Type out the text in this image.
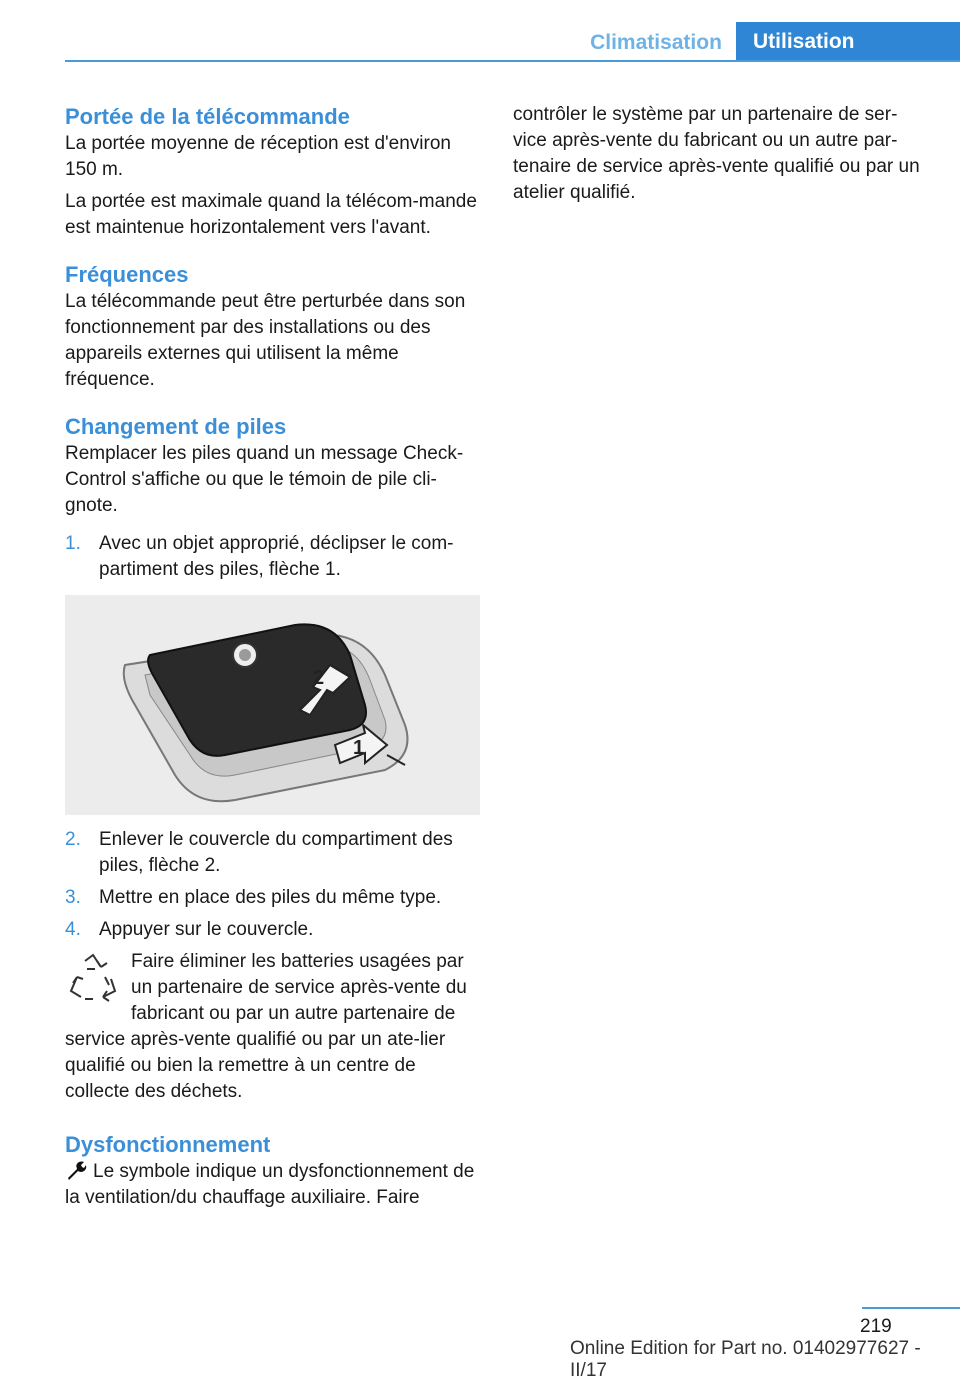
Climatisation	Utilisation
Portée de la télécommande

La portée moyenne de réception est d'environ 150 m.

La portée est maximale quand la télécom‐mande est maintenue horizontalement vers l'avant.

Fréquences

La télécommande peut être perturbée dans son fonctionnement par des installations ou des appareils externes qui utilisent la même fréquence.

Changement de piles

Remplacer les piles quand un message Check-Control s'affiche ou que le témoin de pile cli‐gnote.

1. Avec un objet approprié, déclipser le com‐partiment des piles, flèche 1.
2
1
2. Enlever le couvercle du compartiment des piles, flèche 2.
3. Mettre en place des piles du même type.
4. Appuyer sur le couvercle.

Faire éliminer les batteries usagées par un partenaire de service après-vente du fabricant ou par un autre partenaire de service après-vente qualifié ou par un ate‐lier qualifié ou bien la remettre à un centre de collecte des déchets.

Dysfonctionnement

Le symbole indique un dysfonctionnement de la ventilation/du chauffage auxiliaire. Faire

contrôler le système par un partenaire de ser‐vice après-vente du fabricant ou un autre par‐tenaire de service après-vente qualifié ou par un atelier qualifié.

219
Online Edition for Part no. 01402977627 - II/17
